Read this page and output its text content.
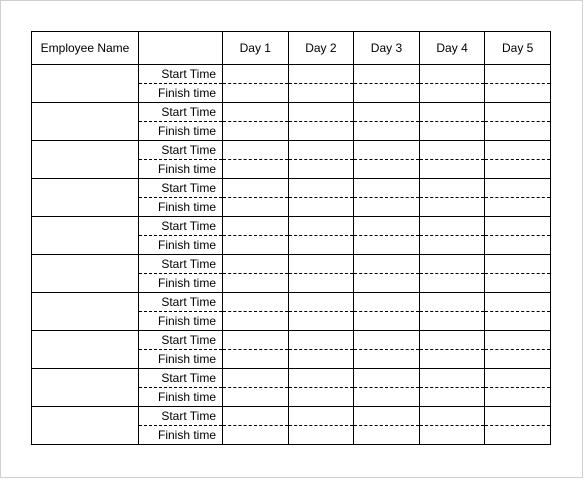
Employee Name		Day 1	Day 2	Day 3	Day 4	Day 5
	Start Time					
	Finish time					
	Start Time					
	Finish time					
	Start Time					
	Finish time					
	Start Time					
	Finish time					
	Start Time					
	Finish time					
	Start Time					
	Finish time					
	Start Time					
	Finish time					
	Start Time					
	Finish time					
	Start Time					
	Finish time					
	Start Time					
	Finish time					
